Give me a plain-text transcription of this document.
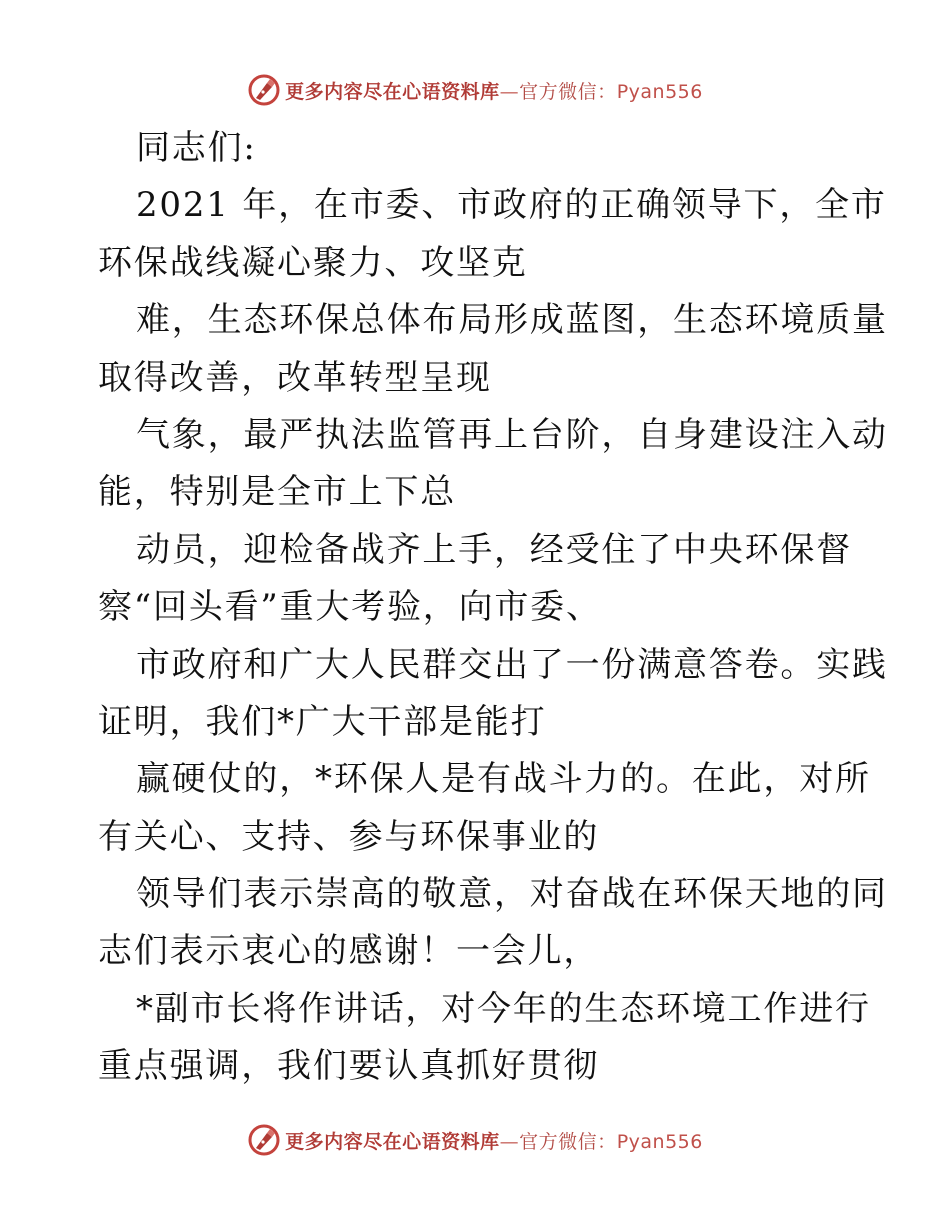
更多内容尽在心语资料库—官方微信：Pyan556
同志们:
2021 年，在市委、市政府的正确领导下，全市
环保战线凝心聚力、攻坚克
难，生态环保总体布局形成蓝图，生态环境质量
取得改善，改革转型呈现
气象，最严执法监管再上台阶，自身建设注入动
能，特别是全市上下总
动员，迎检备战齐上手，经受住了中央环保督
察“回头看”重大考验，向市委、
市政府和广大人民群交出了一份满意答卷。实践
证明，我们*广大干部是能打
赢硬仗的，*环保人是有战斗力的。在此，对所
有关心、支持、参与环保事业的
领导们表示崇高的敬意，对奋战在环保天地的同
志们表示衷心的感谢！一会儿，
*副市长将作讲话，对今年的生态环境工作进行
重点强调，我们要认真抓好贯彻
更多内容尽在心语资料库—官方微信：Pyan556
